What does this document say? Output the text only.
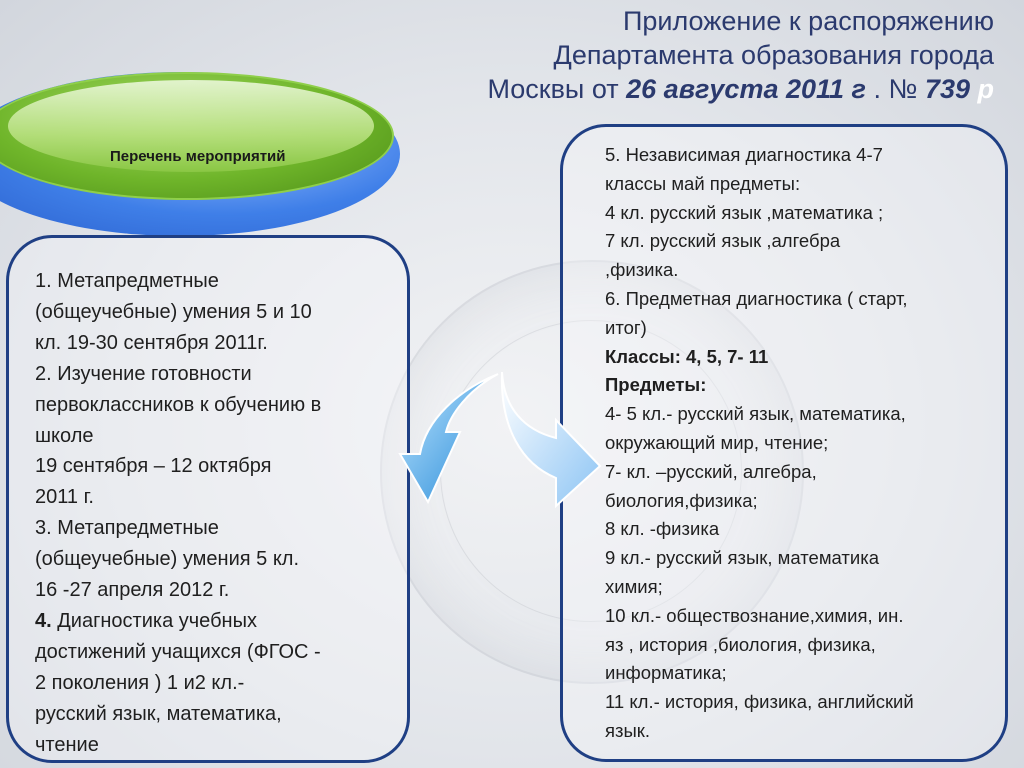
Приложение к распоряжению
Департамента образования города
Москвы от 26 августа 2011 г . № 739 р
Перечень мероприятий
1. Метапредметные
(общеучебные) умения 5 и 10
кл. 19-30 сентября 2011г.
2. Изучение готовности
первоклассников к обучению в
школе
19 сентября – 12 октября
2011 г.
3. Метапредметные
(общеучебные) умения 5 кл.
16 -27 апреля 2012 г.
4. Диагностика учебных
достижений учащихся (ФГОС -
2 поколения ) 1 и2 кл.-
русский язык, математика,
чтение
5. Независимая диагностика 4-7
классы май предметы:
4 кл. русский язык ,математика ;
7 кл. русский язык ,алгебра
,физика.
6. Предметная диагностика ( старт,
итог)
Классы: 4, 5, 7- 11
Предметы:
4- 5 кл.- русский язык, математика,
окружающий мир, чтение;
7- кл. –русский, алгебра,
биология,физика;
8 кл. -физика
9 кл.- русский язык, математика
химия;
10 кл.- обществознание,химия, ин.
яз , история ,биология, физика,
информатика;
11 кл.- история, физика, английский
язык.
